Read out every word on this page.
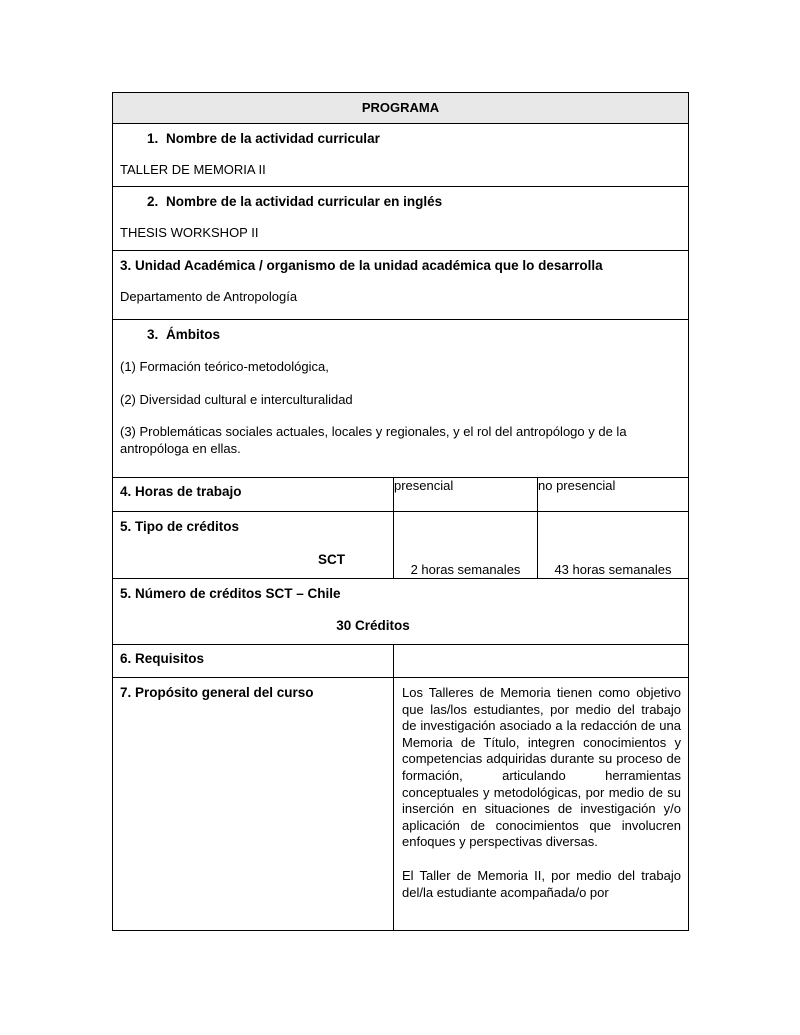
PROGRAMA		

1. Nombre de la actividad curricular
TALLER DE MEMORIA II		

2. Nombre de la actividad curricular en inglés
THESIS WORKSHOP II		

3. Unidad Académica / organismo de la unidad académica que lo desarrolla
Departamento de Antropología		

3. Ámbitos
(1) Formación teórico-metodológica,
(2) Diversidad cultural e interculturalidad
(3) Problemáticas sociales actuales, locales y regionales, y el rol del antropólogo y de la antropóloga en ellas.		

4. Horas de trabajo	presencial	no presencial

5. Tipo de créditos
SCT	2 horas semanales	43 horas semanales

5. Número de créditos SCT – Chile
30 Créditos		

6. Requisitos		

7. Propósito general del curso	Los Talleres de Memoria tienen como objetivo que las/los estudiantes, por medio del trabajo de investigación asociado a la redacción de una Memoria de Título, integren conocimientos y competencias adquiridas durante su proceso de formación, articulando herramientas conceptuales y metodológicas, por medio de su inserción en situaciones de investigación y/o aplicación de conocimientos que involucren enfoques y perspectivas diversas.

El Taller de Memoria II, por medio del trabajo del/la estudiante acompañada/o por	
